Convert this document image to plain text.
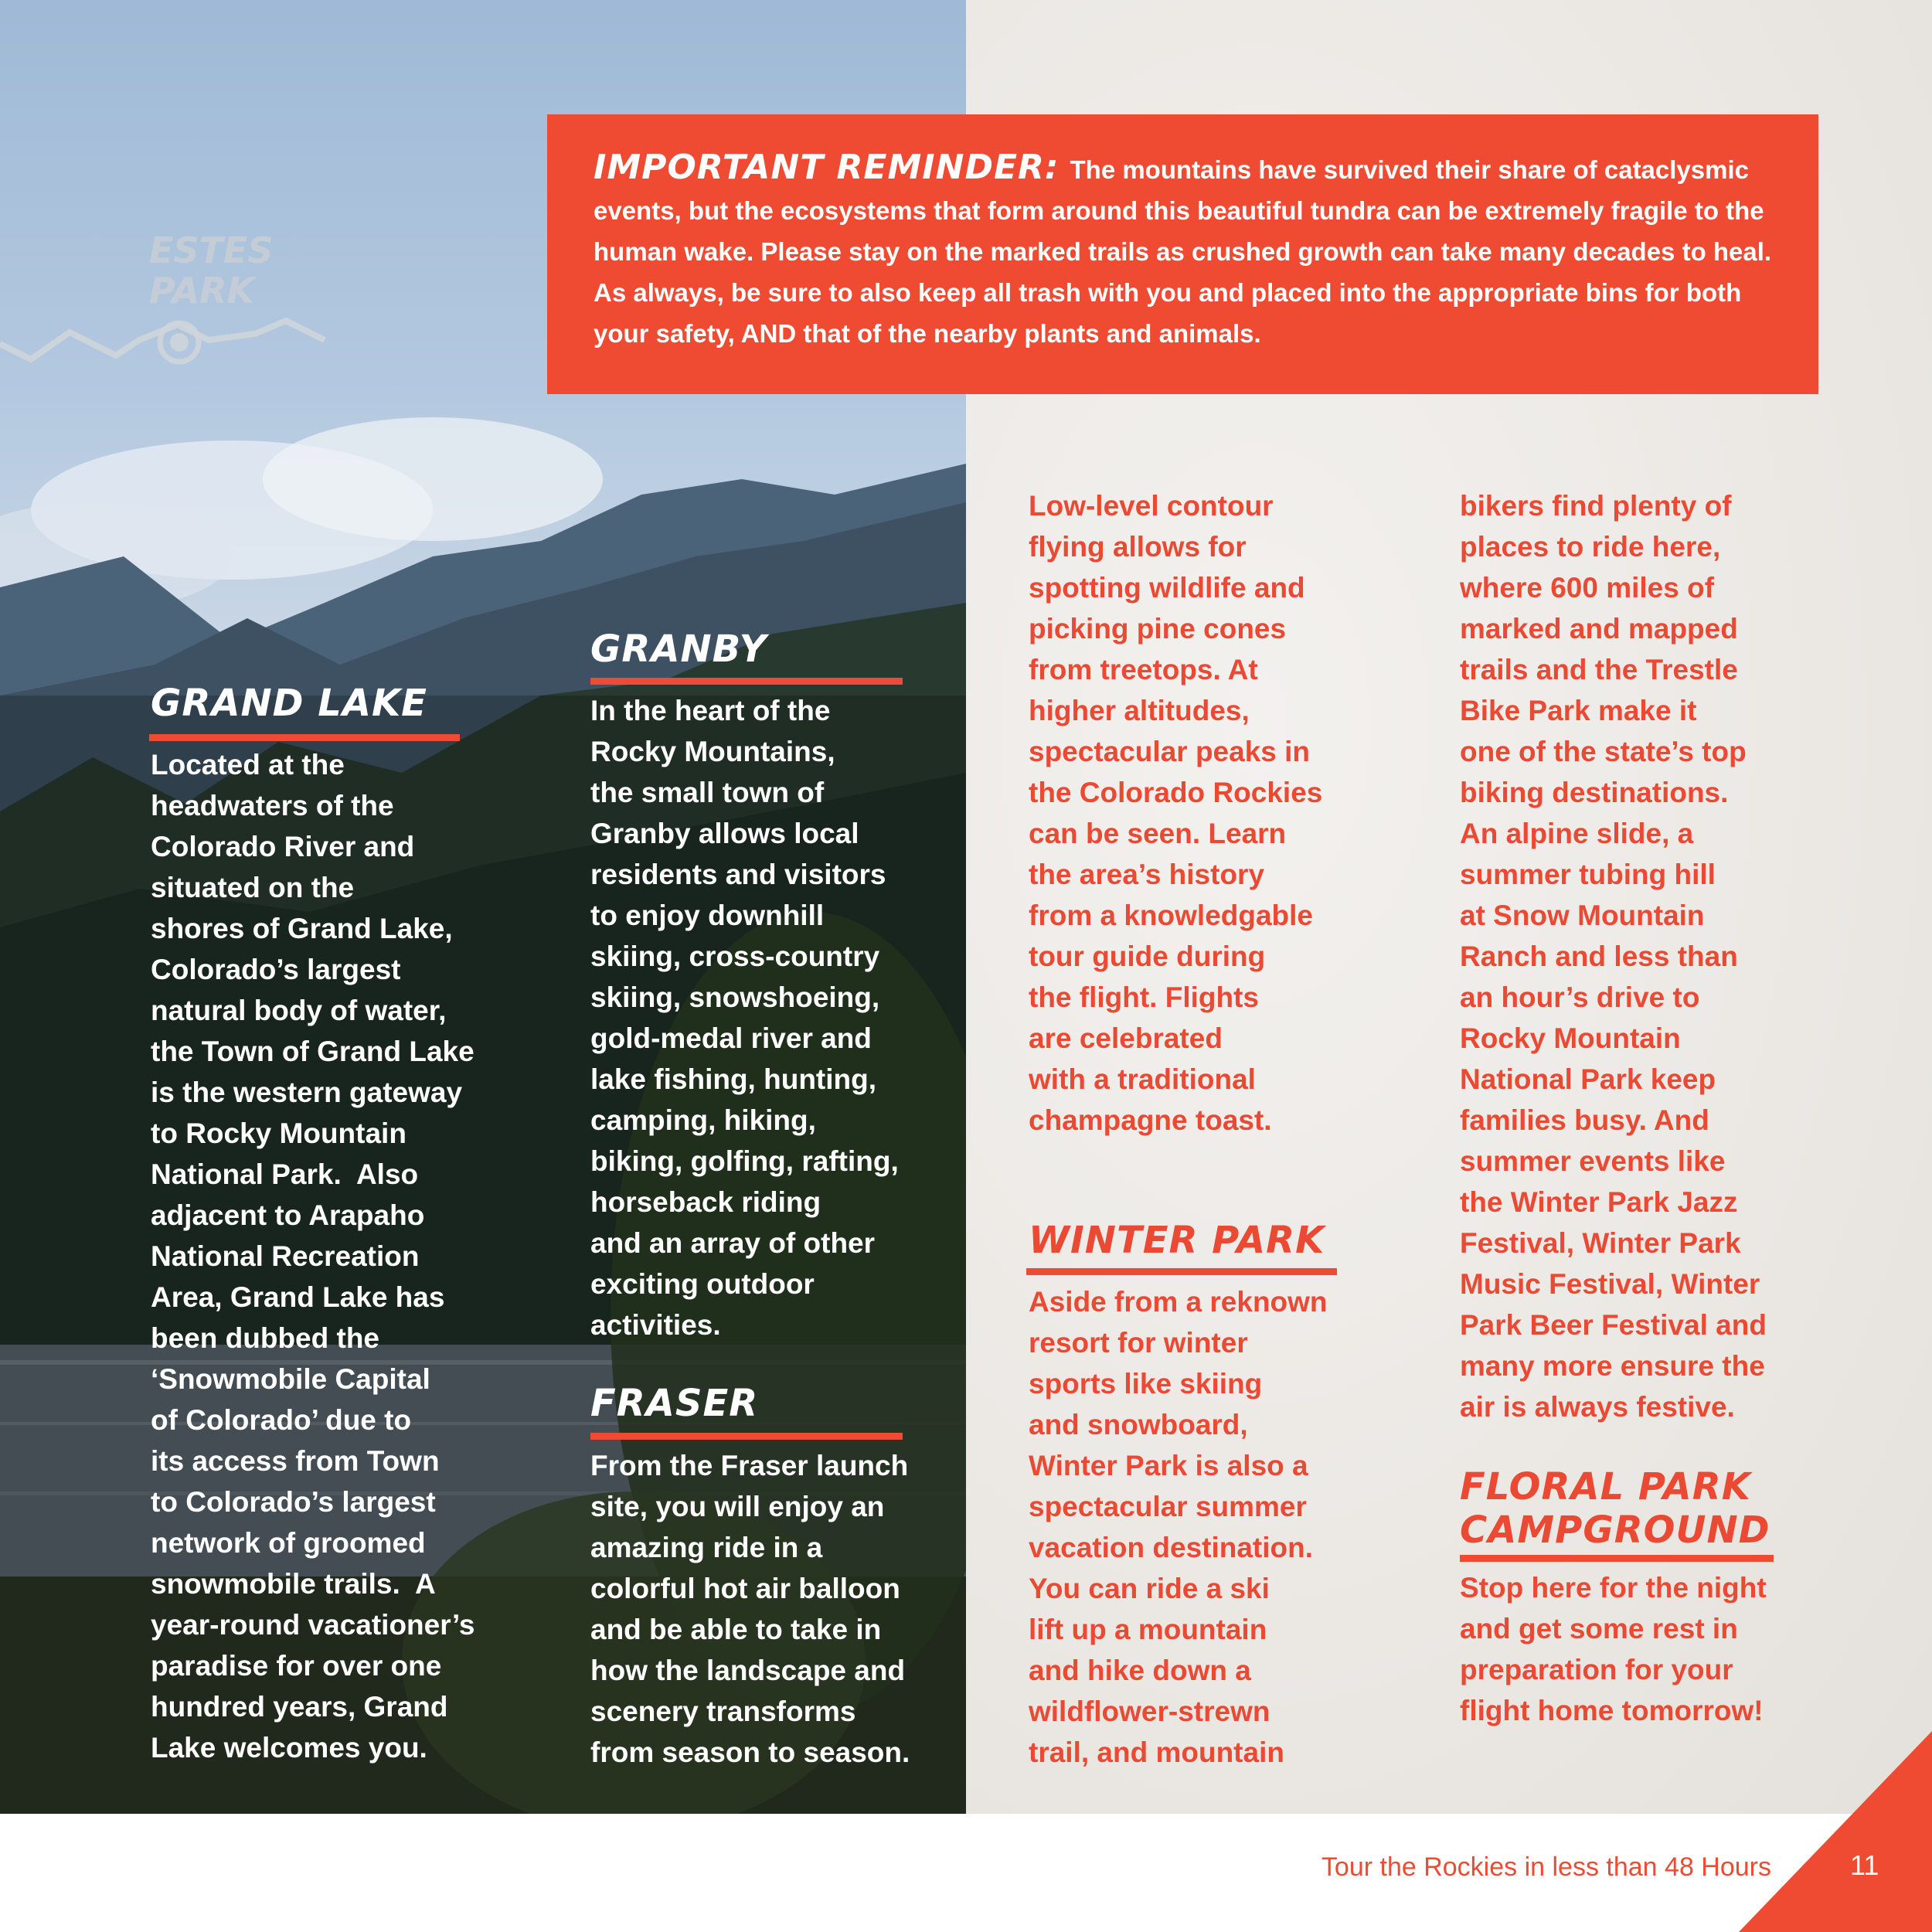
ESTES
PARK

IMPORTANT REMINDER: The mountains have survived their share of cataclysmic events, but the ecosystems that form around this beautiful tundra can be extremely fragile to the human wake. Please stay on the marked trails as crushed growth can take many decades to heal. As always, be sure to also keep all trash with you and placed into the appropriate bins for both your safety, AND that of the nearby plants and animals.

GRAND LAKE
Located at the
headwaters of the
Colorado River and
situated on the
shores of Grand Lake,
Colorado’s largest
natural body of water,
the Town of Grand Lake
is the western gateway
to Rocky Mountain
National Park.  Also
adjacent to Arapaho
National Recreation
Area, Grand Lake has
been dubbed the
‘Snowmobile Capital
of Colorado’ due to
its access from Town
to Colorado’s largest
network of groomed
snowmobile trails.  A
year-round vacationer’s
paradise for over one
hundred years, Grand
Lake welcomes you.
GRANBY
In the heart of the
Rocky Mountains,
the small town of
Granby allows local
residents and visitors
to enjoy downhill
skiing, cross-country
skiing, snowshoeing,
gold-medal river and
lake fishing, hunting,
camping, hiking,
biking, golfing, rafting,
horseback riding
and an array of other
exciting outdoor
activities.
FRASER
From the Fraser launch
site, you will enjoy an
amazing ride in a
colorful hot air balloon
and be able to take in
how the landscape and
scenery transforms
from season to season.
Low-level contour
flying allows for
spotting wildlife and
picking pine cones
from treetops. At
higher altitudes,
spectacular peaks in
the Colorado Rockies
can be seen. Learn
the area’s history
from a knowledgable
tour guide during
the flight. Flights
are celebrated
with a traditional
champagne toast.
WINTER PARK
Aside from a reknown
resort for winter
sports like skiing
and snowboard,
Winter Park is also a
spectacular summer
vacation destination.
You can ride a ski
lift up a mountain
and hike down a
wildflower-strewn
trail, and mountain
bikers find plenty of
places to ride here,
where 600 miles of
marked and mapped
trails and the Trestle
Bike Park make it
one of the state’s top
biking destinations.
An alpine slide, a
summer tubing hill
at Snow Mountain
Ranch and less than
an hour’s drive to
Rocky Mountain
National Park keep
families busy. And
summer events like
the Winter Park Jazz
Festival, Winter Park
Music Festival, Winter
Park Beer Festival and
many more ensure the
air is always festive.
FLORAL PARK
CAMPGROUND
Stop here for the night
and get some rest in
preparation for your
flight home tomorrow!
Tour the Rockies in less than 48 Hours	11
